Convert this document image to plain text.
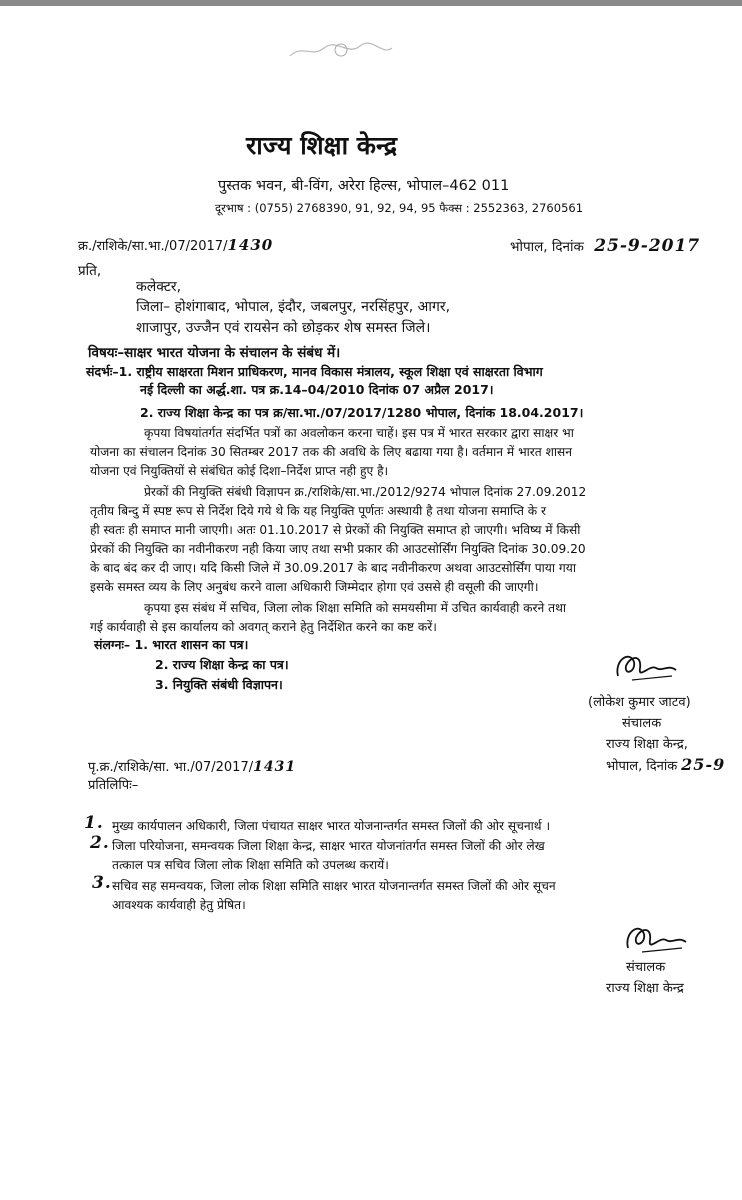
राज्य शिक्षा केन्द्र
पुस्तक भवन, बी-विंग, अरेरा हिल्स, भोपाल–462 011
दूरभाष : (0755) 2768390, 91, 92, 94, 95 फैक्स : 2552363, 2760561
क्र./राशिके/सा.भा./07/2017/1430	भोपाल, दिनांक 25-9-2017
प्रति,
कलेक्टर,
जिला– होशंगाबाद, भोपाल, इंदौर, जबलपुर, नरसिंहपुर, आगर,
शाजापुर, उज्जैन एवं रायसेन को छोड़कर शेष समस्त जिले।
विषयः–साक्षर भारत योजना के संचालन के संबंध में।
संदर्भः–1. राष्ट्रीय साक्षरता मिशन प्राधिकरण, मानव विकास मंत्रालय, स्कूल शिक्षा एवं साक्षरता विभाग
नई दिल्ली का अर्द्ध.शा. पत्र क्र.14–04/2010 दिनांक 07 अप्रैल 2017।
2. राज्य शिक्षा केन्द्र का पत्र क्र/सा.भा./07/2017/1280 भोपाल, दिनांक 18.04.2017।
कृपया विषयांतर्गत संदर्भित पत्रों का अवलोकन करना चाहें। इस पत्र में भारत सरकार द्वारा साक्षर भा
योजना का संचालन दिनांक 30 सितम्बर 2017 तक की अवधि के लिए बढाया गया है। वर्तमान में भारत शासन
योजना एवं नियुक्तियों से संबंधित कोई दिशा–निर्देश प्राप्त नही हुए है।
प्रेरकों की नियुक्ति संबंधी विज्ञापन क्र./राशिके/सा.भा./2012/9274 भोपाल दिनांक 27.09.2012
तृतीय बिन्दु में स्पष्ट रूप से निर्देश दिये गये थे कि यह नियुक्ति पूर्णतः अस्थायी है तथा योजना समाप्ति के र
ही स्वतः ही समाप्त मानी जाएगी। अतः 01.10.2017 से प्रेरकों की नियुक्ति समाप्त हो जाएगी। भविष्य में किसी
प्रेरकों की नियुक्ति का नवीनीकरण नही किया जाए तथा सभी प्रकार की आउटसोर्सिंग नियुक्ति दिनांक 30.09.20
के बाद बंद कर दी जाए। यदि किसी जिले में 30.09.2017 के बाद नवीनीकरण अथवा आउटसोर्सिंग पाया गया
इसके समस्त व्यय के लिए अनुबंध करने वाला अधिकारी जिम्मेदार होगा एवं उससे ही वसूली की जाएगी।
कृपया इस संबंध में सचिव, जिला लोक शिक्षा समिति को समयसीमा में उचित कार्यवाही करने तथा
गई कार्यवाही से इस कार्यालय को अवगत् कराने हेतु निर्देशित करने का कष्ट करें।
संलग्नः– 1. भारत शासन का पत्र।
2. राज्य शिक्षा केन्द्र का पत्र।
3. नियुक्ति संबंधी विज्ञापन।
(लोकेश कुमार जाटव)
संचालक
राज्य शिक्षा केन्द्र,
भोपाल, दिनांक 25-9
पृ.क्र./राशिके/सा. भा./07/2017/1431
प्रतिलिपिः–
1. मुख्य कार्यपालन अधिकारी, जिला पंचायत साक्षर भारत योजनान्तर्गत समस्त जिलों की ओर सूचनार्थ ।
2. जिला परियोजना, समन्वयक जिला शिक्षा केन्द्र, साक्षर भारत योजनांतर्गत समस्त जिलों की ओर लेख
तत्काल पत्र सचिव जिला लोक शिक्षा समिति को उपलब्ध करायें।
3. सचिव सह समन्वयक, जिला लोक शिक्षा समिति साक्षर भारत योजनान्तर्गत समस्त जिलों की ओर सूचन
आवश्यक कार्यवाही हेतु प्रेषित।
संचालक
राज्य शिक्षा केन्द्र
